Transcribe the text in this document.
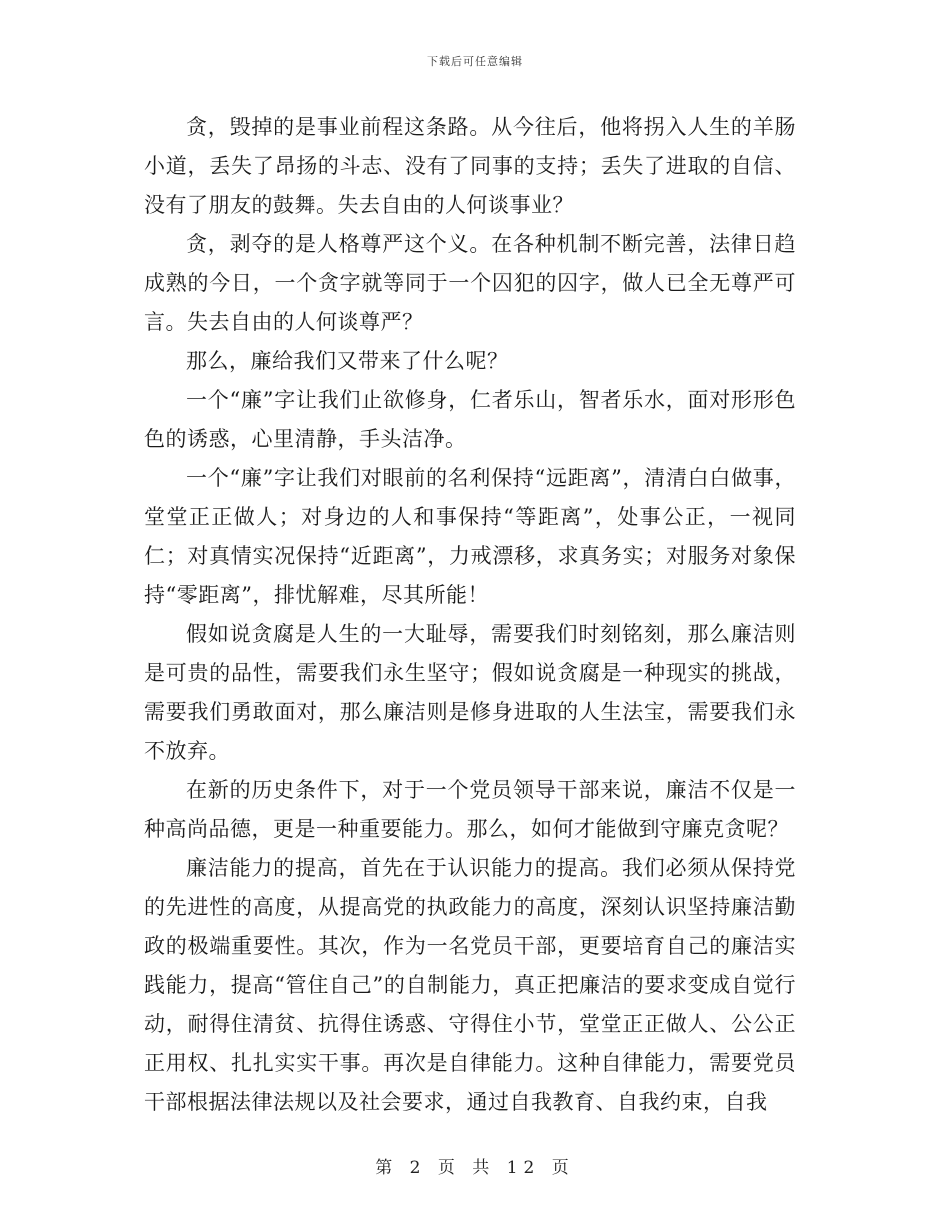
下载后可任意编辑

贪，毁掉的是事业前程这条路。从今往后，他将拐入人生的羊肠小道，丢失了昂扬的斗志、没有了同事的支持；丢失了进取的自信、没有了朋友的鼓舞。失去自由的人何谈事业？

贪，剥夺的是人格尊严这个义。在各种机制不断完善，法律日趋成熟的今日，一个贪字就等同于一个囚犯的囚字，做人已全无尊严可言。失去自由的人何谈尊严？

那么，廉给我们又带来了什么呢？

一个“廉”字让我们止欲修身，仁者乐山，智者乐水，面对形形色色的诱惑，心里清静，手头洁净。

一个“廉”字让我们对眼前的名利保持“远距离”，清清白白做事，堂堂正正做人；对身边的人和事保持“等距离”，处事公正，一视同仁；对真情实况保持“近距离”，力戒漂移，求真务实；对服务对象保持“零距离”，排忧解难，尽其所能！

假如说贪腐是人生的一大耻辱，需要我们时刻铭刻，那么廉洁则是可贵的品性，需要我们永生坚守；假如说贪腐是一种现实的挑战，需要我们勇敢面对，那么廉洁则是修身进取的人生法宝，需要我们永不放弃。

在新的历史条件下，对于一个党员领导干部来说，廉洁不仅是一种高尚品德，更是一种重要能力。那么，如何才能做到守廉克贪呢？

廉洁能力的提高，首先在于认识能力的提高。我们必须从保持党的先进性的高度，从提高党的执政能力的高度，深刻认识坚持廉洁勤政的极端重要性。其次，作为一名党员干部，更要培育自己的廉洁实践能力，提高“管住自己”的自制能力，真正把廉洁的要求变成自觉行动，耐得住清贫、抗得住诱惑、守得住小节，堂堂正正做人、公公正正用权、扎扎实实干事。再次是自律能力。这种自律能力，需要党员干部根据法律法规以及社会要求，通过自我教育、自我约束，自我

第 2 页 共 12 页
